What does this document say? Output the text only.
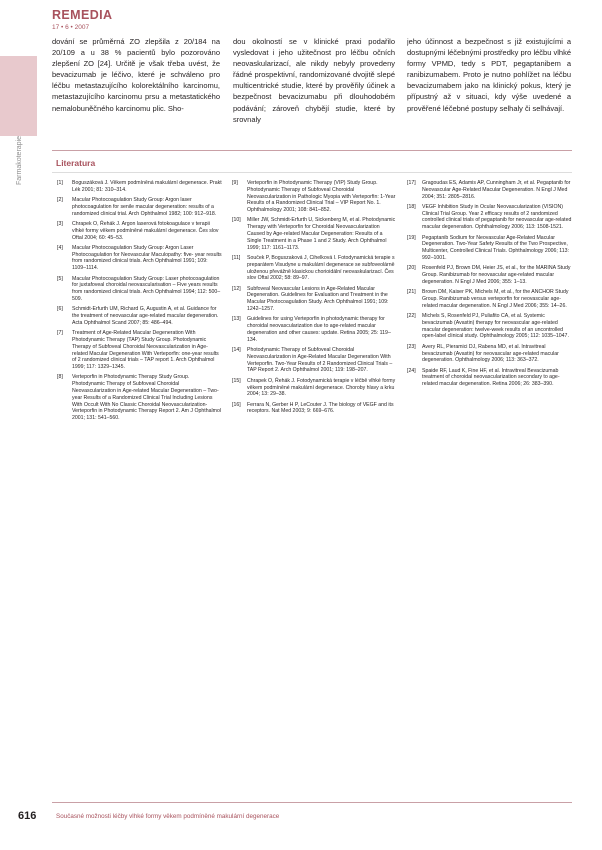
REMEDIA
17 • 6 • 2007
Farmakoterapie

dování se průměrná ZO zlepšila z 20/184 na 20/109 a u 38 % pacientů bylo pozorováno zlepšení ZO [24]. Určitě je však třeba uvést, že bevacizumab je léčivo, které je schváleno pro léčbu metastazujícího kolorektálního karcinomu, metastazujícího karcinomu prsu a metastatického nemalobuněčného karcinomu plic. Sho-

dou okolností se v klinické praxi podařilo vysledovat i jeho užitečnost pro léčbu očních neovaskularizací, ale nikdy nebyly provedeny řádné prospektivní, randomizované dvojitě slepé multicentrické studie, které by prověřily účinek a bezpečnost bevacizumabu při dlouhodobém podávání; zároveň chybějí studie, které by srovnaly

jeho účinnost a bezpečnost s již existujícími a dostupnými léčebnými prostředky pro léčbu vlhké formy VPMD, tedy s PDT, pegaptanibem a ranibizumabem. Proto je nutno pohlížet na léčbu bevacizumabem jako na klinický pokus, který je přípustný až v situaci, kdy výše uvedené a prověřené léčebné postupy selhaly či selhávají.

Literatura
[1]	Boguszáková J. Věkem podmíněná makulární degenerace. Prakt Lék 2001; 81: 310–314.
[2]	Macular Photocoagulation Study Group: Argon laser photocoagulation for senile macular degeneration: results of a randomized clinical trial. Arch Ophthalmol 1982; 100: 912–918.
[3]	Chrapek O, Řehák J. Argon laserová fotokoagulace v terapii vlhké formy věkem podmíněné makulární degenerace. Čes slov Oftal 2004; 60: 45–53.
[4]	Macular Photocoagulation Study Group: Argon Laser Photocoagulation for Neovascular Maculopathy: five- year results from randomized clinical trials. Arch Ophthalmol 1991; 109: 1109–1114.
[5]	Macular Photocoagulation Study Group: Laser photocoagulation for juxtafoveal choroidal neovascularisation – Five years results from randomized clinical trials. Arch Ophthalmol 1994; 112: 500–509.
[6]	Schmidt-Erfurth UM, Richard G, Augustin A, et al. Guidance for the treatment of neovascular age-related macular degeneration. Acta Ophthalmol Scand 2007; 85: 486–494.
[7]	Treatment of Age-Related Macular Degeneration With Photodynamic Therapy (TAP) Study Group. Photodynamic Therapy of Subfoveal Choroidal Neovascularization in Age-related Macular Degeneration With Verteporfin: one-year results of 2 randomized clinical trials – TAP report 1. Arch Ophthalmol 1999; 117: 1329–1345.
[8]	Verteporfin in Photodynamic Therapy Study Group. Photodynamic Therapy of Subfoveal Choroidal Neovascularization in Age-related Macular Degeneration – Two-year Results of a Randomized Clinical Trial Including Lesions With Occult With No Classic Choroidal Neovascularization-Verteporfin in Photodynamic Therapy Report 2. Am J Ophthalmol 2001; 131: 541–560.
[9]	Verteporfin in Photodynamic Therapy (VIP) Study Group. Photodynamic Therapy of Subfoveal Choroidal Neovascularization in Pathologic Myopia with Verteporfin: 1-Year Results of a Randomized Clinical Trial – VIP Report No. 1. Ophthalmology 2001; 108: 841–852.
[10]	Miller JW, Schmidt-Erfurth U, Sickenberg M, et al. Photodynamic Therapy with Verteporfin for Choroidal Neovascularization Caused by Age-related Macular Degeneration: Results of a Single Treatment in a Phase 1 and 2 Study. Arch Ophthalmol 1999; 117: 1161–1173.
[11]	Souček P, Boguszaková J, Cihelková I. Fotodynamická terapie s preparátem Visudyne u makulární degenerace se subfoveolárně uloženou převážně klasickou chorioidální neovaskularizací. Čes slov Oftal 2002; 58: 89–97.
[12]	Subfoveal Neovascular Lesions in Age-Related Macular Degeneration. Guidelines for Evaluation and Treatment in the Macular Photocoagulation Study. Arch Ophthalmol 1991; 109: 1242–1257.
[13]	Guidelines for using Verteporfin in photodynamic therapy for choroidal neovascularization due to age-related macular degeneration and other causes: update. Retina 2005; 25: 119–134.
[14]	Photodynamic Therapy of Subfoveal Choroidal Neovascularization in Age-Related Macular Degeneration With Verteporfin. Two-Year Results of 2 Randomized Clinical Trials – TAP Report 2. Arch Ophthalmol 2001; 119: 198–207.
[15]	Chrapek O, Řehák J. Fotodynamická terapie v léčbě vlhké formy věkem podmíněné makulární degenerace. Choroby hlavy a krku 2004; 13: 29–38.
[16]	Ferrara N, Gerber H P, LeCouter J. The biology of VEGF and its receptors. Nat Med 2003; 9: 669–676.
[17]	Gragoudas ES, Adamis AP, Cunningham Jr, et al. Pegaptanib for Neovascular Age-Related Macular Degeneration. N Engl J Med 2004; 351: 2805–2816.
[18]	VEGF Inhibition Study in Ocular Neovascularization (VISION) Clinical Trial Group. Year 2 efficacy results of 2 randomized controlled clinical trials of pegaptanib for neovascular age-related macular degeneration. Ophthalmology 2006; 113: 1508-1521.
[19]	Pegaptanib Sodium for Neovascular Age-Related Macular Degeneration. Two-Year Safety Results of the Two Prospective, Multicenter, Controlled Clinical Trials. Ophthalmology 2006; 113: 992–1001.
[20]	Rosenfeld PJ, Brown DM, Heier JS, et al., for the MARINA Study Group. Ranibizumab for neovascular age-related macular degeneration. N Engl J Med 2006; 355: 1–13.
[21]	Brown DM, Kaiser PK, Michels M, et al., for the ANCHOR Study Group. Ranibizumab versus verteporfin for neovascular age-related macular degeneration. N Engl J Med 2006; 355: 14–26.
[22]	Michels S, Rosenfeld PJ, Puliafito CA, et al. Systemic bevacizumab (Avastin) therapy for neovascular age-related macular degeneration: twelve-week results of an uncontrolled open-label clinical study. Ophthalmology 2005; 112: 1035–1047.
[23]	Avery RL, Pieramici DJ, Rabena MD, et al. Intravitreal bevacizumab (Avastin) for neovascular age-related macular degeneration. Ophthalmology 2006; 113: 363–372.
[24]	Spaide RF, Laud K, Fine HF, et al. Intravitreal Bevacizumab treatment of choroidal neovascularization secondary to age-related macular degeneration. Retina 2006; 26: 383–390.
616	Současné možnosti léčby vlhké formy věkem podmíněné makulární degenerace
